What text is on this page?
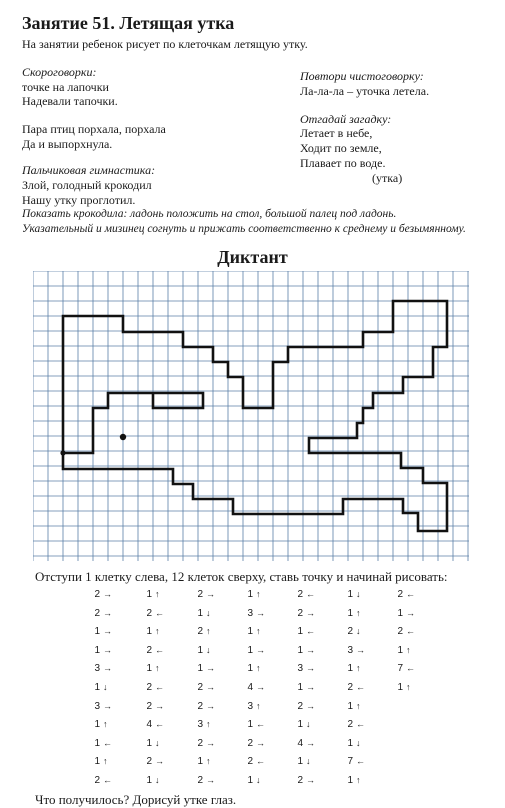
Занятие 51. Летящая утка
На занятии ребенок рисует по клеточкам летящую утку.
Скороговорки:
точке на лапочки
Надевали тапочки.
Пара птиц порхала, порхала
Да и выпорхнула.
Пальчиковая гимнастика:
Злой, голодный крокодил
Нашу утку проглотил.
Показать крокодила: ладонь положить на стол, большой палец под ладонь.
Указательный и мизинец согнуть и прижать соответственно к среднему и безымянному.
Повтори чистоговорку:
Ла-ла-ла – уточка летела.
Отгадай загадку:
Летает в небе,
Ходит по земле,
Плавает по воде.
(утка)
Диктант
Отступи 1 клетку слева, 12 клеток сверху, ставь точку и начинай рисовать:
2 →	1 ↑	2 →	1 ↑	2 ←	1 ↓	2 ←
2 →	2 ←	1 ↓	3 →	2 →	1 ↑	1 →
1 →	1 ↑	2 ↑	1 ↑	1 ←	2 ↓	2 ←
1 →	2 ←	1 ↓	1 →	1 →	3 →	1 ↑
3 →	1 ↑	1 →	1 ↑	3 →	1 ↑	7 ←
1 ↓	2 ←	2 →	4 →	1 →	2 ←	1 ↑
3 →	2 →	2 →	3 ↑	2 →	1 ↑
1 ↑	4 ←	3 ↑	1 ←	1 ↓	2 ←
1 ←	1 ↓	2 →	2 →	4 →	1 ↓
1 ↑	2 →	1 ↑	2 ←	1 ↓	7 ←
2 ←	1 ↓	2 →	1 ↓	2 →	1 ↑
Что получилось? Дорисуй утке глаз.
